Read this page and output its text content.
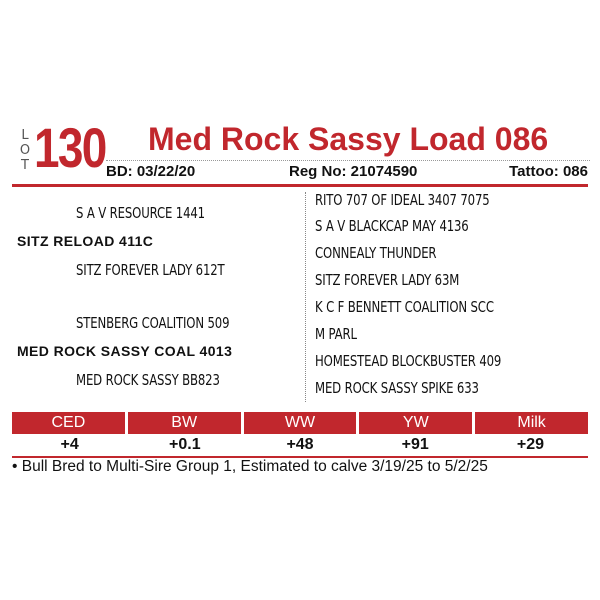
L
O
T 130 Med Rock Sassy Load 086
BD: 03/22/20	Reg No: 21074590	Tattoo: 086
S A V RESOURCE 1441
SITZ RELOAD 411C
SITZ FOREVER LADY 612T
STENBERG COALITION 509
MED ROCK SASSY COAL 4013
MED ROCK SASSY BB823
RITO 707 OF IDEAL 3407 7075
S A V BLACKCAP MAY 4136
CONNEALY THUNDER
SITZ FOREVER LADY 63M
K C F BENNETT COALITION SCC
M PARL
HOMESTEAD BLOCKBUSTER 409
MED ROCK SASSY SPIKE 633
CED	BW	WW	YW	Milk
+4	+0.1	+48	+91	+29
• Bull Bred to Multi-Sire Group 1, Estimated to calve 3/19/25 to 5/2/25
